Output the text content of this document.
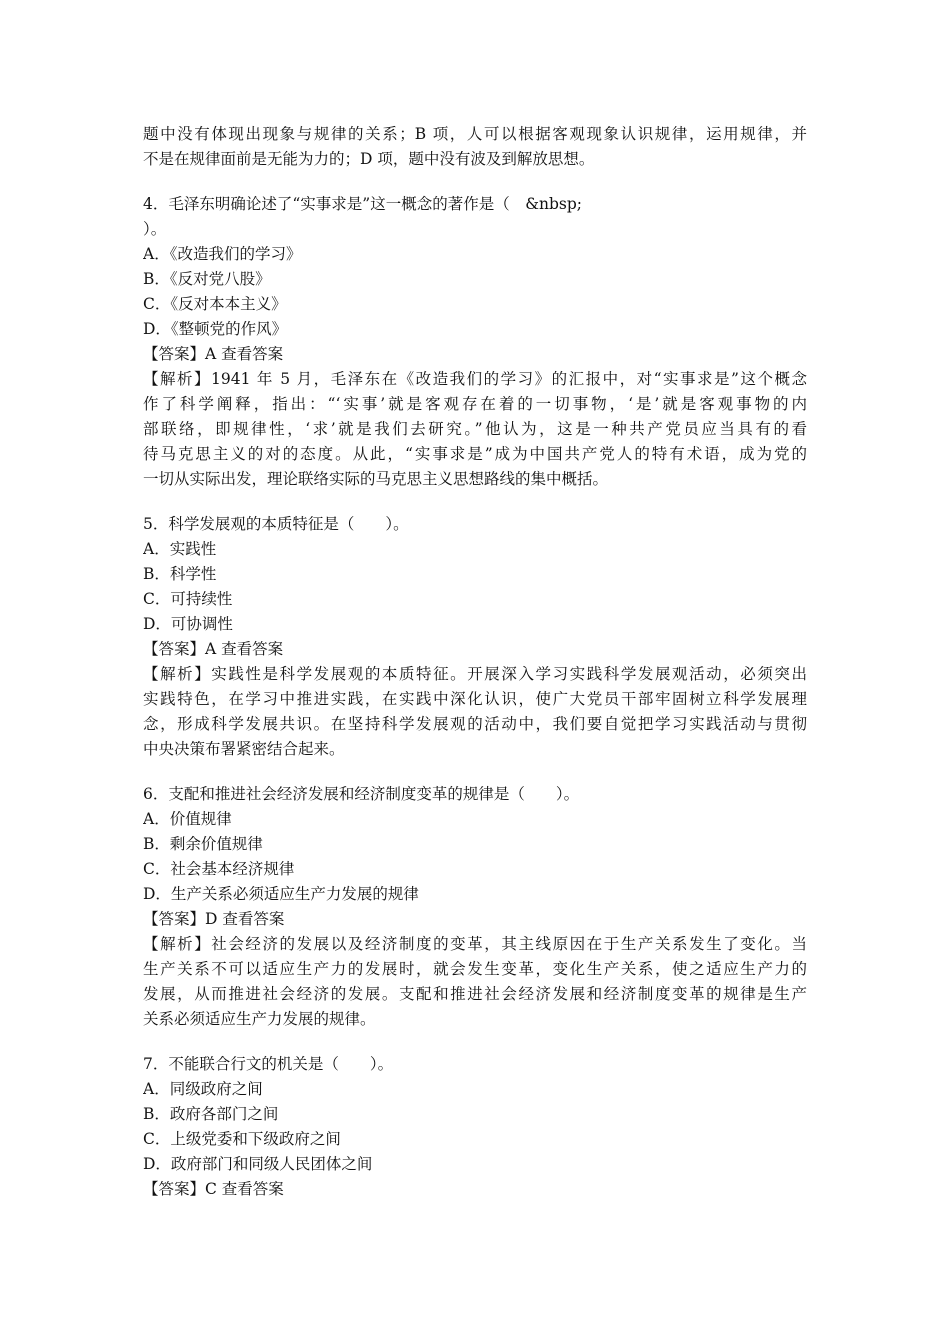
题中没有体现出现象与规律的关系；B 项，人可以根据客观现象认识规律，运用规律，并
不是在规律面前是无能为力的；D 项，题中没有波及到解放思想。
4．毛泽东明确论述了“实事求是”这一概念的著作是（　&nbsp;
）。
A．《改造我们的学习》
B．《反对党八股》
C．《反对本本主义》
D．《整顿党的作风》
【答案】A 查看答案
【解析】1941 年 5 月，毛泽东在《改造我们的学习》的汇报中，对“实事求是”这个概念
作了科学阐释，指出：“‘实事’就是客观存在着的一切事物，‘是’就是客观事物的内
部联络，即规律性，‘求’就是我们去研究。”他认为，这是一种共产党员应当具有的看
待马克思主义的对的态度。从此，“实事求是”成为中国共产党人的特有术语，成为党的
一切从实际出发，理论联络实际的马克思主义思想路线的集中概括。
5．科学发展观的本质特征是（　　）。
A．实践性
B．科学性
C．可持续性
D．可协调性
【答案】A 查看答案
【解析】实践性是科学发展观的本质特征。开展深入学习实践科学发展观活动，必须突出
实践特色，在学习中推进实践，在实践中深化认识，使广大党员干部牢固树立科学发展理
念，形成科学发展共识。在坚持科学发展观的活动中，我们要自觉把学习实践活动与贯彻
中央决策布署紧密结合起来。
6．支配和推进社会经济发展和经济制度变革的规律是（　　）。
A．价值规律
B．剩余价值规律
C．社会基本经济规律
D．生产关系必须适应生产力发展的规律
【答案】D 查看答案
【解析】社会经济的发展以及经济制度的变革，其主线原因在于生产关系发生了变化。当
生产关系不可以适应生产力的发展时，就会发生变革，变化生产关系，使之适应生产力的
发展，从而推进社会经济的发展。支配和推进社会经济发展和经济制度变革的规律是生产
关系必须适应生产力发展的规律。
7．不能联合行文的机关是（　　）。
A．同级政府之间
B．政府各部门之间
C．上级党委和下级政府之间
D．政府部门和同级人民团体之间
【答案】C 查看答案
